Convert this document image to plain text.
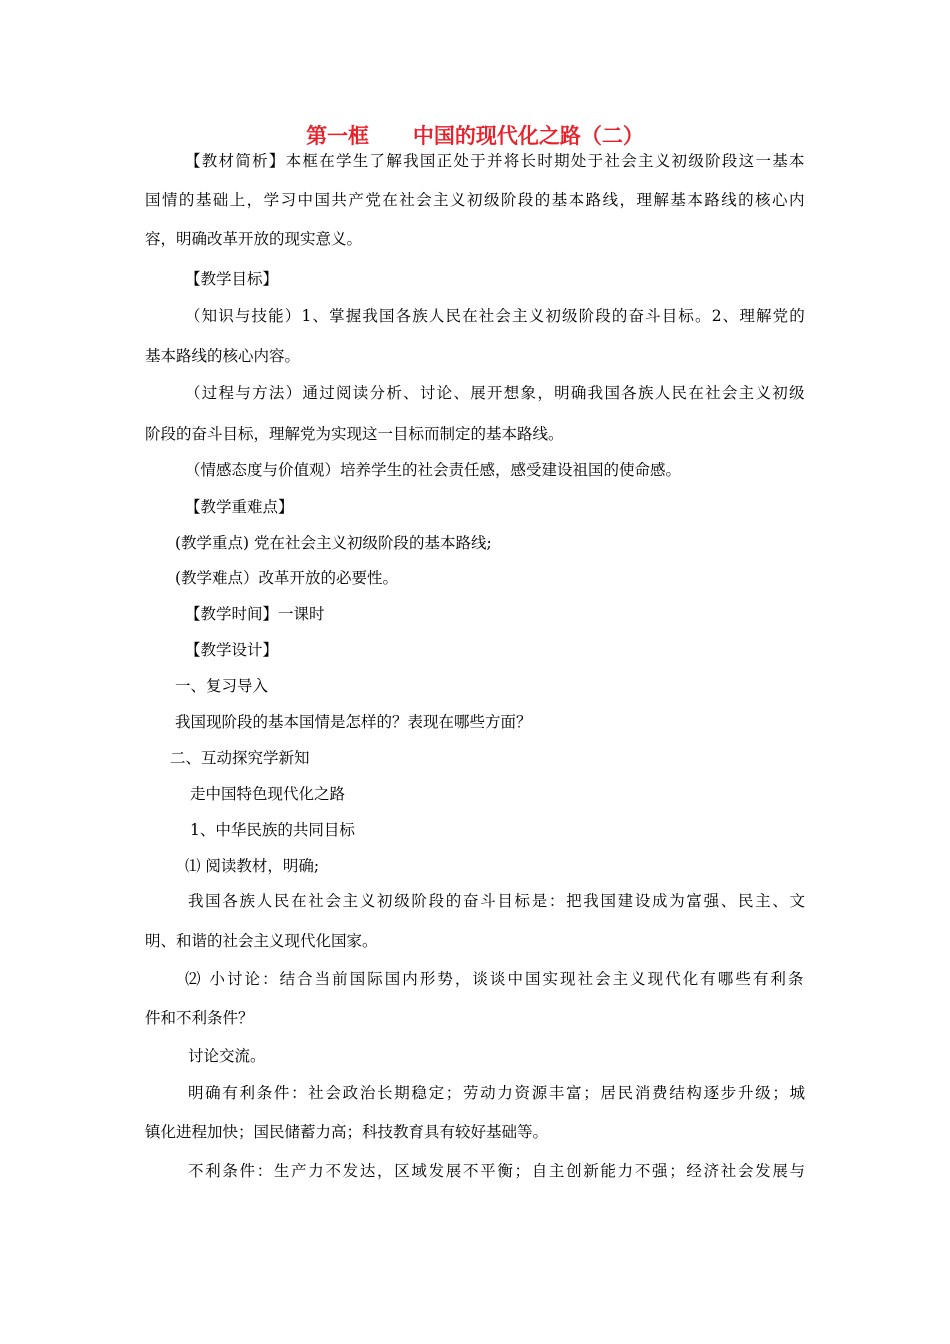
第一框      中国的现代化之路（二）
【教材简析】本框在学生了解我国正处于并将长时期处于社会主义初级阶段这一基本
国情的基础上，学习中国共产党在社会主义初级阶段的基本路线，理解基本路线的核心内
容，明确改革开放的现实意义。
【教学目标】
（知识与技能）1、掌握我国各族人民在社会主义初级阶段的奋斗目标。2、理解党的
基本路线的核心内容。
（过程与方法）通过阅读分析、讨论、展开想象，明确我国各族人民在社会主义初级
阶段的奋斗目标，理解党为实现这一目标而制定的基本路线。
（情感态度与价值观）培养学生的社会责任感，感受建设祖国的使命感。
【教学重难点】
(教学重点) 党在社会主义初级阶段的基本路线;
(教学难点）改革开放的必要性。
【教学时间】一课时
【教学设计】
一、复习导入
我国现阶段的基本国情是怎样的？表现在哪些方面？
二、互动探究学新知
走中国特色现代化之路
1、中华民族的共同目标
⑴ 阅读教材，明确;
我国各族人民在社会主义初级阶段的奋斗目标是：把我国建设成为富强、民主、文
明、和谐的社会主义现代化国家。
⑵ 小讨论：结合当前国际国内形势，谈谈中国实现社会主义现代化有哪些有利条
件和不利条件？
讨论交流。
明确有利条件：社会政治长期稳定；劳动力资源丰富；居民消费结构逐步升级；城
镇化进程加快；国民储蓄力高；科技教育具有较好基础等。
不利条件：生产力不发达，区域发展不平衡；自主创新能力不强；经济社会发展与
